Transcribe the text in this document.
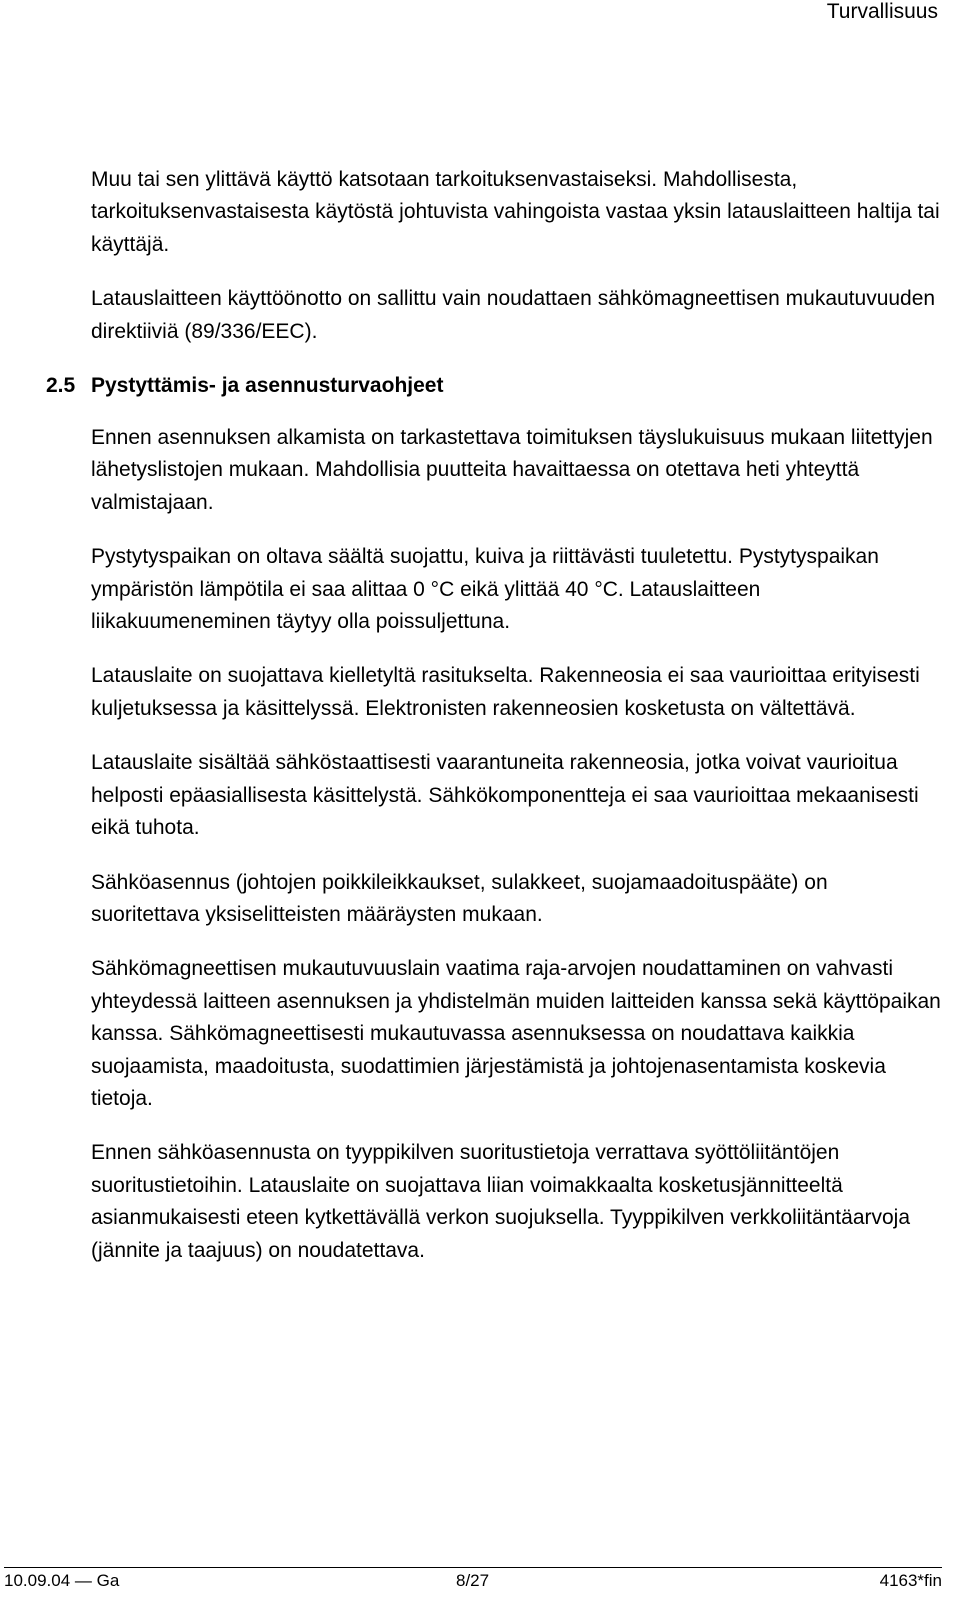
Turvallisuus

Muu tai sen ylittävä käyttö katsotaan tarkoituksenvastaiseksi. Mahdollisesta, tarkoituksenvastaisesta käytöstä johtuvista vahingoista vastaa yksin latauslaitteen haltija tai käyttäjä.

Latauslaitteen käyttöönotto on sallittu vain noudattaen sähkömagneettisen mukautuvuuden direktiiviä (89/336/EEC).

2.5 Pystyttämis- ja asennusturvaohjeet

Ennen asennuksen alkamista on tarkastettava toimituksen täyslukuisuus mukaan liitettyjen lähetyslistojen mukaan. Mahdollisia puutteita havaittaessa on otettava heti yhteyttä valmistajaan.

Pystytyspaikan on oltava säältä suojattu, kuiva ja riittävästi tuuletettu. Pystytyspaikan ympäristön lämpötila ei saa alittaa 0 °C eikä ylittää 40 °C. Latauslaitteen liikakuumeneminen täytyy olla poissuljettuna.

Latauslaite on suojattava kielletyltä rasitukselta. Rakenneosia ei saa vaurioittaa erityisesti kuljetuksessa ja käsittelyssä. Elektronisten rakenneosien kosketusta on vältettävä.

Latauslaite sisältää sähköstaattisesti vaarantuneita rakenneosia, jotka voivat vaurioitua helposti epäasiallisesta käsittelystä. Sähkökomponentteja ei saa vaurioittaa mekaanisesti eikä tuhota.

Sähköasennus (johtojen poikkileikkaukset, sulakkeet, suojamaadoituspääte) on suoritettava yksiselitteisten määräysten mukaan.

Sähkömagneettisen mukautuvuuslain vaatima raja-arvojen noudattaminen on vahvasti yhteydessä laitteen asennuksen ja yhdistelmän muiden laitteiden kanssa sekä käyttöpaikan kanssa. Sähkömagneettisesti mukautuvassa asennuksessa on noudattava kaikkia suojaamista, maadoitusta, suodattimien järjestämistä ja johtojenasentamista koskevia tietoja.

Ennen sähköasennusta on tyyppikilven suoritustietoja verrattava syöttöliitäntöjen suoritustietoihin. Latauslaite on suojattava liian voimakkaalta kosketusjännitteeltä asianmukaisesti eteen kytkettävällä verkon suojuksella. Tyyppikilven verkkoliitäntäarvoja (jännite ja taajuus) on noudatettava.

10.09.04 — Ga	8/27	4163*fin
